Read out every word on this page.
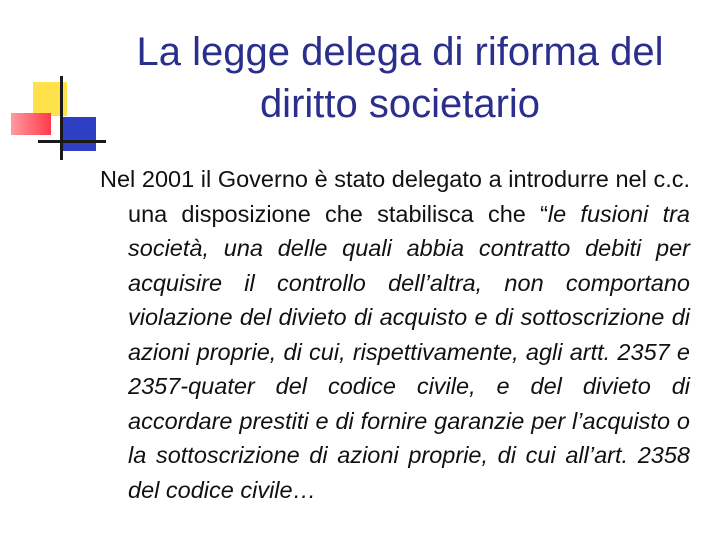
La legge delega di riforma del diritto societario

Nel 2001 il Governo è stato delegato a introdurre nel c.c. una disposizione che stabilisca che “le fusioni tra società, una delle quali abbia contratto debiti per acquisire il controllo dell’altra, non comportano violazione del divieto di acquisto e di sottoscrizione di azioni proprie, di cui, rispettivamente, agli artt. 2357 e 2357-quater del codice civile, e del divieto di accordare prestiti e di fornire garanzie per l’acquisto o la sottoscrizione di azioni proprie, di cui all’art. 2358 del codice civile…
